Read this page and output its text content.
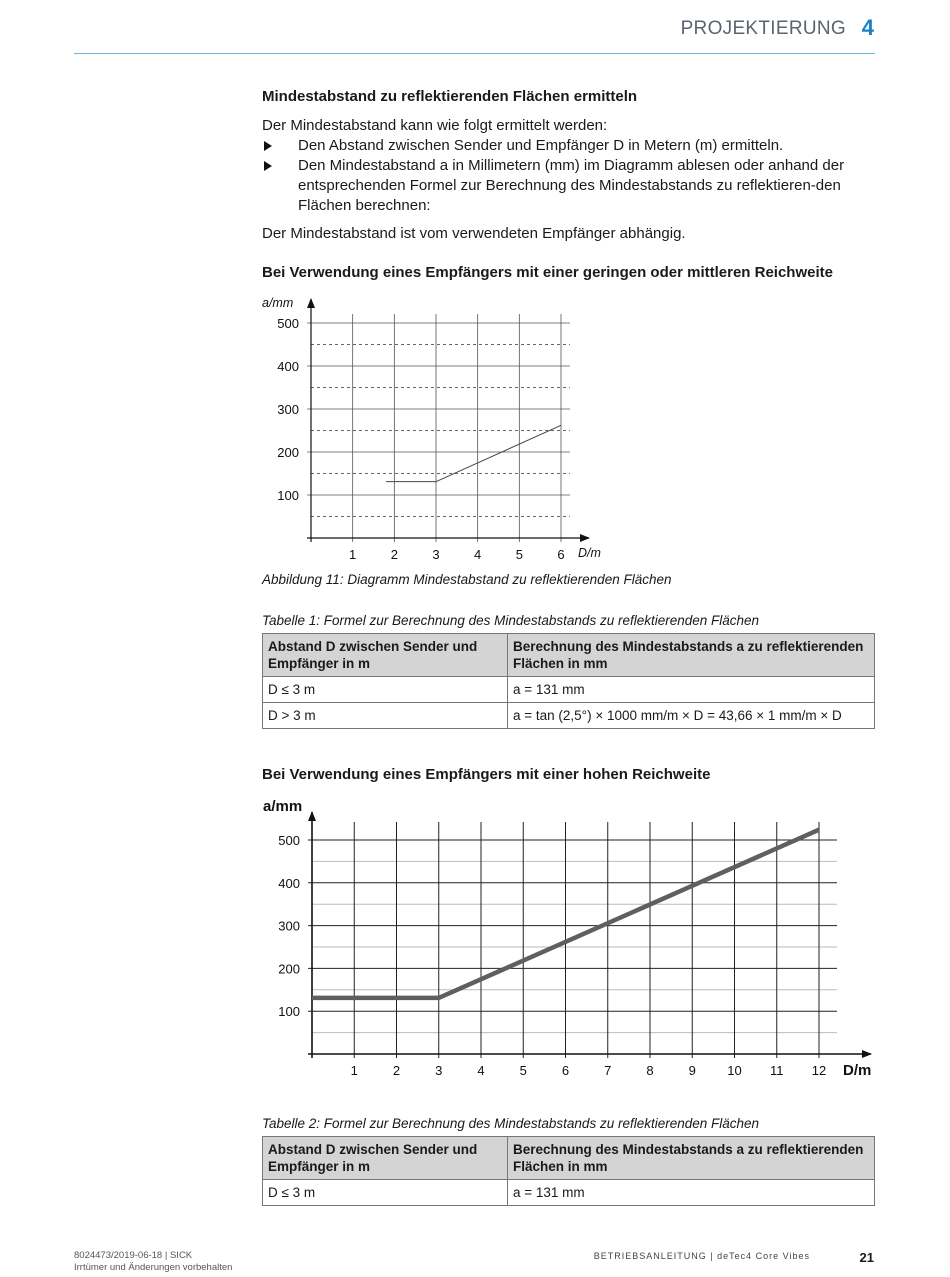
PROJEKTIERUNG 4
Mindestabstand zu reflektierenden Flächen ermitteln

Der Mindestabstand kann wie folgt ermittelt werden:

Den Abstand zwischen Sender und Empfänger D in Metern (m) ermitteln.
Den Mindestabstand a in Millimetern (mm) im Diagramm ablesen oder anhand der entsprechenden Formel zur Berechnung des Mindestabstands zu reflektieren-den Flächen berechnen:

Der Mindestabstand ist vom verwendeten Empfänger abhängig.

Bei Verwendung eines Empfängers mit einer geringen oder mittleren Reichweite
100
200
300
400
500
1	2	3	4	5	6
a/mm
D/m

Abbildung 11: Diagramm Mindestabstand zu reflektierenden Flächen

Tabelle 1: Formel zur Berechnung des Mindestabstands zu reflektierenden Flächen

Abstand D zwischen Sender und Empfänger in m	Berechnung des Mindestabstands a zu reflektierenden Flächen in mm
D ≤ 3 m	a = 131 mm
D > 3 m	a = tan (2,5°) × 1000 mm/m × D = 43,66 × 1 mm/m × D
Bei Verwendung eines Empfängers mit einer hohen Reichweite
100
200
300
400
500
1	2	3	4	5	6	7	8	9 10 11 12
a/mm
D/m

Tabelle 2: Formel zur Berechnung des Mindestabstands zu reflektierenden Flächen

Abstand D zwischen Sender und Empfänger in m	Berechnung des Mindestabstands a zu reflektierenden Flächen in mm
D ≤ 3 m	a = 131 mm
8024473/2019-06-18 | SICK
Irrtümer und Änderungen vorbehalten
BETRIEBSANLEITUNG | deTec4 Core Vibes	21
